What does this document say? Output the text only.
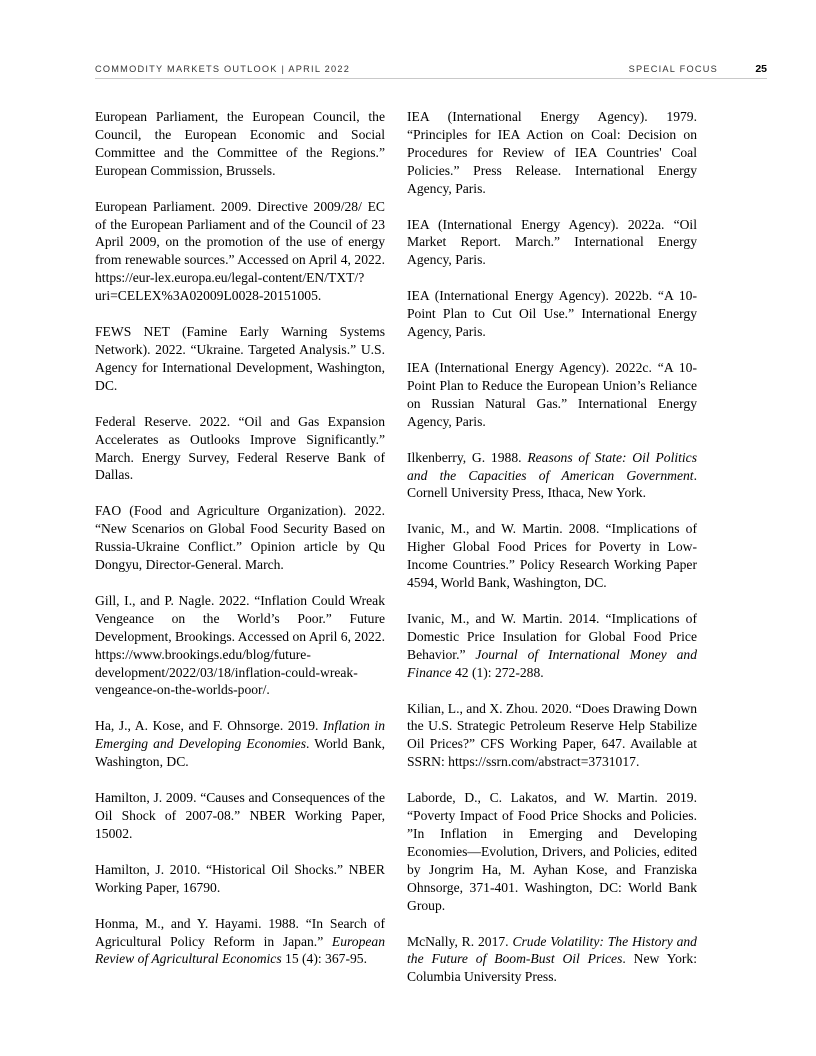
COMMODITY MARKETS OUTLOOK | APRIL 2022	SPECIAL FOCUS	25

European Parliament, the European Council, the Council, the European Economic and Social Committee and the Committee of the Regions.” European Commission, Brussels.

European Parliament. 2009. Directive 2009/28/ EC of the European Parliament and of the Council of 23 April 2009, on the promotion of the use of energy from renewable sources.” Accessed on April 4, 2022. https://eur-lex.europa.eu/legal-content/EN/TXT/?uri=CELEX%3A02009L0028-20151005.

FEWS NET (Famine Early Warning Systems Network). 2022. “Ukraine. Targeted Analysis.” U.S. Agency for International Development, Washington, DC.

Federal Reserve. 2022. “Oil and Gas Expansion Accelerates as Outlooks Improve Significantly.” March. Energy Survey, Federal Reserve Bank of Dallas.

FAO (Food and Agriculture Organization). 2022. “New Scenarios on Global Food Security Based on Russia-Ukraine Conflict.” Opinion article by Qu Dongyu, Director-General. March.

Gill, I., and P. Nagle. 2022. “Inflation Could Wreak Vengeance on the World’s Poor.” Future Development, Brookings. Accessed on April 6, 2022. https://www.brookings.edu/blog/future-development/2022/03/18/inflation-could-wreak-vengeance-on-the-worlds-poor/.

Ha, J., A. Kose, and F. Ohnsorge. 2019. Inflation in Emerging and Developing Economies. World Bank, Washington, DC.

Hamilton, J. 2009. “Causes and Consequences of the Oil Shock of 2007-08.” NBER Working Paper, 15002.

Hamilton, J. 2010. “Historical Oil Shocks.” NBER Working Paper, 16790.

Honma, M., and Y. Hayami. 1988. “In Search of Agricultural Policy Reform in Japan.” European Review of Agricultural Economics 15 (4): 367-95.

IEA (International Energy Agency). 1979. “Principles for IEA Action on Coal: Decision on Procedures for Review of IEA Countries' Coal Policies.” Press Release. International Energy Agency, Paris.

IEA (International Energy Agency). 2022a. “Oil Market Report. March.” International Energy Agency, Paris.

IEA (International Energy Agency). 2022b. “A 10-Point Plan to Cut Oil Use.” International Energy Agency, Paris.

IEA (International Energy Agency). 2022c. “A 10-Point Plan to Reduce the European Union’s Reliance on Russian Natural Gas.” International Energy Agency, Paris.

Ilkenberry, G. 1988. Reasons of State: Oil Politics and the Capacities of American Government. Cornell University Press, Ithaca, New York.

Ivanic, M., and W. Martin. 2008. “Implications of Higher Global Food Prices for Poverty in Low-Income Countries.” Policy Research Working Paper 4594, World Bank, Washington, DC.

Ivanic, M., and W. Martin. 2014. “Implications of Domestic Price Insulation for Global Food Price Behavior.” Journal of International Money and Finance 42 (1): 272-288.

Kilian, L., and X. Zhou. 2020. “Does Drawing Down the U.S. Strategic Petroleum Reserve Help Stabilize Oil Prices?” CFS Working Paper, 647. Available at SSRN: https://ssrn.com/abstract=3731017.

Laborde, D., C. Lakatos, and W. Martin. 2019. “Poverty Impact of Food Price Shocks and Policies. ”In Inflation in Emerging and Developing Economies—Evolution, Drivers, and Policies, edited by Jongrim Ha, M. Ayhan Kose, and Franziska Ohnsorge, 371-401. Washington, DC: World Bank Group.

McNally, R. 2017. Crude Volatility: The History and the Future of Boom-Bust Oil Prices. New York: Columbia University Press.
